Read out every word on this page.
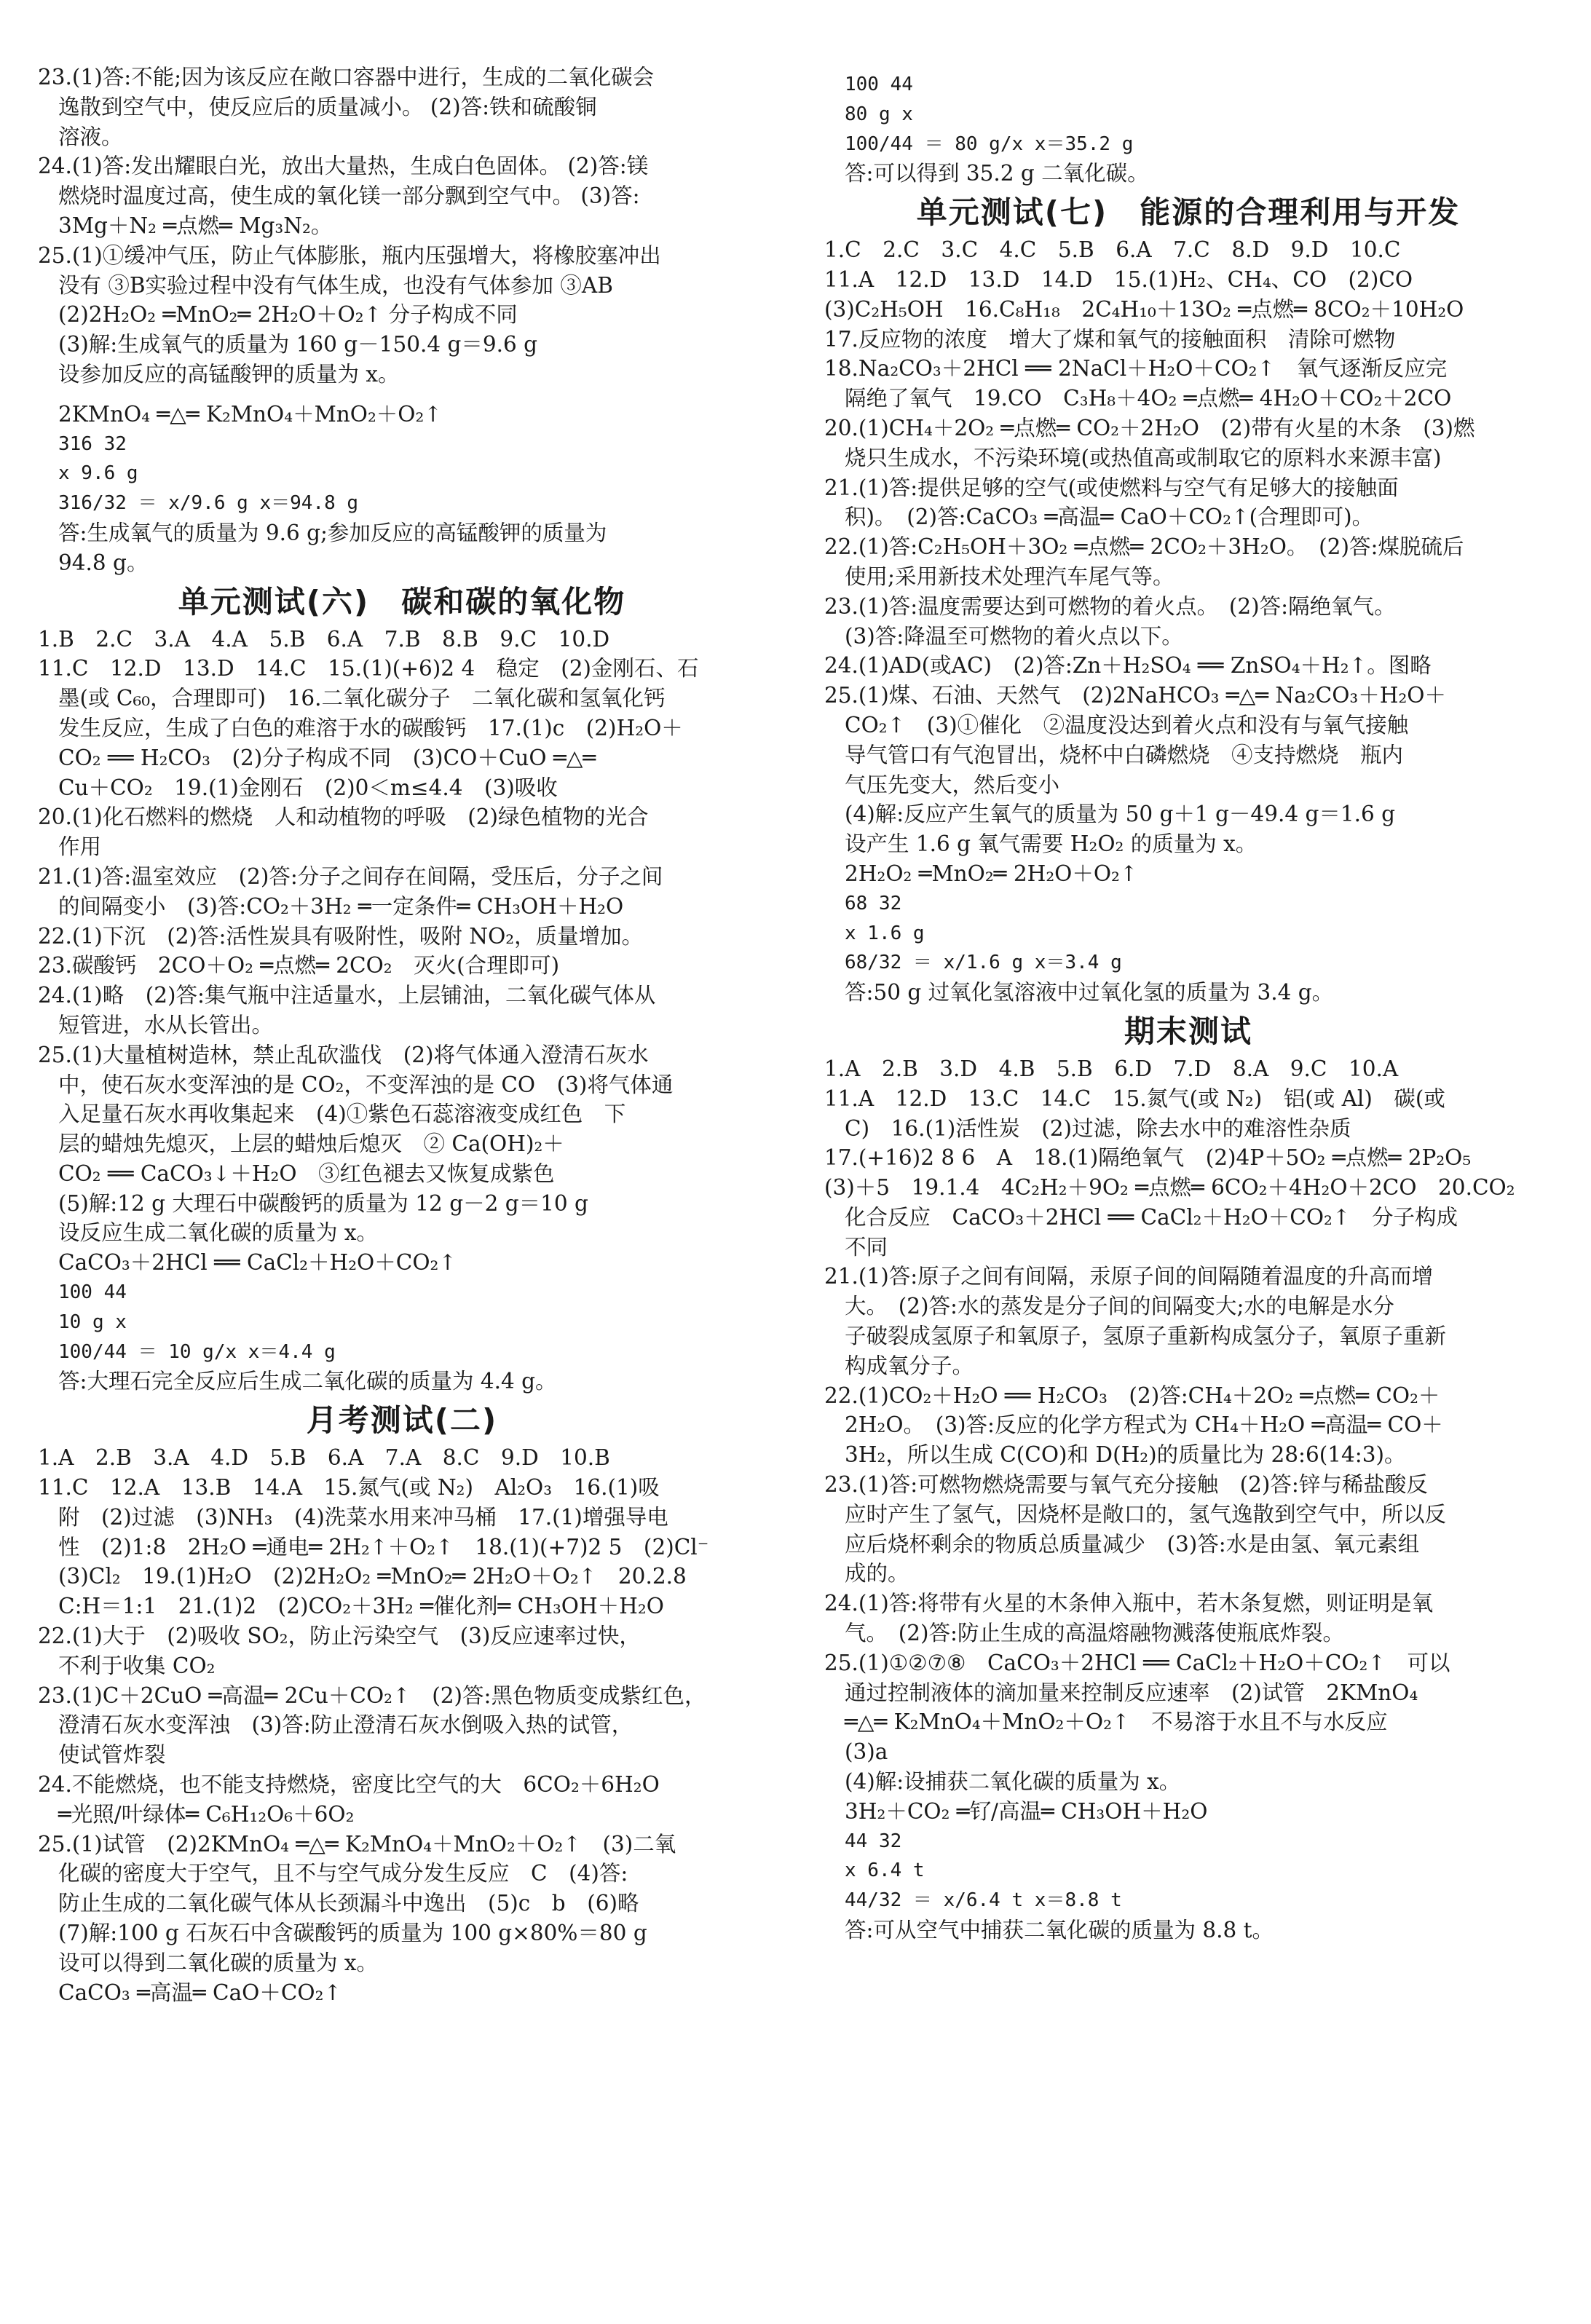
23.(1)答:不能;因为该反应在敞口容器中进行，生成的二氧化碳会
逸散到空气中，使反应后的质量减小。 (2)答:铁和硫酸铜
溶液。
24.(1)答:发出耀眼白光，放出大量热，生成白色固体。 (2)答:镁
燃烧时温度过高，使生成的氧化镁一部分飘到空气中。 (3)答:
3Mg＋N₂ ═点燃═ Mg₃N₂。
25.(1)①缓冲气压，防止气体膨胀，瓶内压强增大，将橡胶塞冲出
没有 ③B实验过程中没有气体生成，也没有气体参加 ③AB
(2)2H₂O₂ ═MnO₂═ 2H₂O＋O₂↑ 分子构成不同
(3)解:生成氧气的质量为 160 g－150.4 g＝9.6 g
设参加反应的高锰酸钾的质量为 x。
2KMnO₄ ═△═ K₂MnO₄＋MnO₂＋O₂↑
316 32
x 9.6 g
316/32 ＝ x/9.6 g x＝94.8 g
答:生成氧气的质量为 9.6 g;参加反应的高锰酸钾的质量为
94.8 g。
单元测试(六)　碳和碳的氧化物
1.B　2.C　3.A　4.A　5.B　6.A　7.B　8.B　9.C　10.D
11.C　12.D　13.D　14.C　15.(1)(+6)2 4　稳定　(2)金刚石、石
墨(或 C₆₀，合理即可)　16.二氧化碳分子　二氧化碳和氢氧化钙
发生反应，生成了白色的难溶于水的碳酸钙　17.(1)c　(2)H₂O＋
CO₂ ══ H₂CO₃　(2)分子构成不同　(3)CO＋CuO ═△═
Cu＋CO₂　19.(1)金刚石　(2)0＜m≤4.4　(3)吸收
20.(1)化石燃料的燃烧　人和动植物的呼吸　(2)绿色植物的光合
作用
21.(1)答:温室效应　(2)答:分子之间存在间隔，受压后，分子之间
的间隔变小　(3)答:CO₂＋3H₂ ═一定条件═ CH₃OH＋H₂O
22.(1)下沉　(2)答:活性炭具有吸附性，吸附 NO₂，质量增加。
23.碳酸钙　2CO＋O₂ ═点燃═ 2CO₂　灭火(合理即可)
24.(1)略　(2)答:集气瓶中注适量水，上层铺油，二氧化碳气体从
短管进，水从长管出。
25.(1)大量植树造林，禁止乱砍滥伐　(2)将气体通入澄清石灰水
中，使石灰水变浑浊的是 CO₂，不变浑浊的是 CO　(3)将气体通
入足量石灰水再收集起来　(4)①紫色石蕊溶液变成红色　下
层的蜡烛先熄灭，上层的蜡烛后熄灭　② Ca(OH)₂＋
CO₂ ══ CaCO₃↓＋H₂O　③红色褪去又恢复成紫色
(5)解:12 g 大理石中碳酸钙的质量为 12 g－2 g＝10 g
设反应生成二氧化碳的质量为 x。
CaCO₃＋2HCl ══ CaCl₂＋H₂O＋CO₂↑
100 44
10 g x
100/44 ＝ 10 g/x x＝4.4 g
答:大理石完全反应后生成二氧化碳的质量为 4.4 g。
月考测试(二)
1.A　2.B　3.A　4.D　5.B　6.A　7.A　8.C　9.D　10.B
11.C　12.A　13.B　14.A　15.氮气(或 N₂)　Al₂O₃　16.(1)吸
附　(2)过滤　(3)NH₃　(4)洗菜水用来冲马桶　17.(1)增强导电
性　(2)1:8　2H₂O ═通电═ 2H₂↑＋O₂↑　18.(1)(+7)2 5　(2)Cl⁻
(3)Cl₂　19.(1)H₂O　(2)2H₂O₂ ═MnO₂═ 2H₂O＋O₂↑　20.2.8
C:H＝1:1　21.(1)2　(2)CO₂＋3H₂ ═催化剂═ CH₃OH＋H₂O
22.(1)大于　(2)吸收 SO₂，防止污染空气　(3)反应速率过快，
不利于收集 CO₂
23.(1)C＋2CuO ═高温═ 2Cu＋CO₂↑　(2)答:黑色物质变成紫红色，
澄清石灰水变浑浊　(3)答:防止澄清石灰水倒吸入热的试管，
使试管炸裂
24.不能燃烧，也不能支持燃烧，密度比空气的大　6CO₂＋6H₂O
═光照/叶绿体═ C₆H₁₂O₆＋6O₂
25.(1)试管　(2)2KMnO₄ ═△═ K₂MnO₄＋MnO₂＋O₂↑　(3)二氧
化碳的密度大于空气，且不与空气成分发生反应　C　(4)答:
防止生成的二氧化碳气体从长颈漏斗中逸出　(5)c　b　(6)略
(7)解:100 g 石灰石中含碳酸钙的质量为 100 g×80%＝80 g
设可以得到二氧化碳的质量为 x。
CaCO₃ ═高温═ CaO＋CO₂↑
100 44
80 g x
100/44 ＝ 80 g/x x＝35.2 g
答:可以得到 35.2 g 二氧化碳。
单元测试(七)　能源的合理利用与开发
1.C　2.C　3.C　4.C　5.B　6.A　7.C　8.D　9.D　10.C
11.A　12.D　13.D　14.D　15.(1)H₂、CH₄、CO　(2)CO
(3)C₂H₅OH　16.C₈H₁₈　2C₄H₁₀＋13O₂ ═点燃═ 8CO₂＋10H₂O
17.反应物的浓度　增大了煤和氧气的接触面积　清除可燃物
18.Na₂CO₃＋2HCl ══ 2NaCl＋H₂O＋CO₂↑　氧气逐渐反应完
隔绝了氧气　19.CO　C₃H₈＋4O₂ ═点燃═ 4H₂O＋CO₂＋2CO
20.(1)CH₄＋2O₂ ═点燃═ CO₂＋2H₂O　(2)带有火星的木条　(3)燃
烧只生成水，不污染环境(或热值高或制取它的原料水来源丰富)
21.(1)答:提供足够的空气(或使燃料与空气有足够大的接触面
积)。　(2)答:CaCO₃ ═高温═ CaO＋CO₂↑(合理即可)。
22.(1)答:C₂H₅OH＋3O₂ ═点燃═ 2CO₂＋3H₂O。　(2)答:煤脱硫后
使用;采用新技术处理汽车尾气等。
23.(1)答:温度需要达到可燃物的着火点。　(2)答:隔绝氧气。
(3)答:降温至可燃物的着火点以下。
24.(1)AD(或AC)　(2)答:Zn＋H₂SO₄ ══ ZnSO₄＋H₂↑。图略
25.(1)煤、石油、天然气　(2)2NaHCO₃ ═△═ Na₂CO₃＋H₂O＋
CO₂↑　(3)①催化　②温度没达到着火点和没有与氧气接触
导气管口有气泡冒出，烧杯中白磷燃烧　④支持燃烧　瓶内
气压先变大，然后变小
(4)解:反应产生氧气的质量为 50 g＋1 g－49.4 g＝1.6 g
设产生 1.6 g 氧气需要 H₂O₂ 的质量为 x。
2H₂O₂ ═MnO₂═ 2H₂O＋O₂↑
68 32
x 1.6 g
68/32 ＝ x/1.6 g x＝3.4 g
答:50 g 过氧化氢溶液中过氧化氢的质量为 3.4 g。
期末测试
1.A　2.B　3.D　4.B　5.B　6.D　7.D　8.A　9.C　10.A
11.A　12.D　13.C　14.C　15.氮气(或 N₂)　铝(或 Al)　碳(或
C)　16.(1)活性炭　(2)过滤，除去水中的难溶性杂质
17.(+16)2 8 6　A　18.(1)隔绝氧气　(2)4P＋5O₂ ═点燃═ 2P₂O₅
(3)＋5　19.1.4　4C₂H₂＋9O₂ ═点燃═ 6CO₂＋4H₂O＋2CO　20.CO₂
化合反应　CaCO₃＋2HCl ══ CaCl₂＋H₂O＋CO₂↑　分子构成
不同
21.(1)答:原子之间有间隔，汞原子间的间隔随着温度的升高而增
大。　(2)答:水的蒸发是分子间的间隔变大;水的电解是水分
子破裂成氢原子和氧原子，氢原子重新构成氢分子，氧原子重新
构成氧分子。
22.(1)CO₂＋H₂O ══ H₂CO₃　(2)答:CH₄＋2O₂ ═点燃═ CO₂＋
2H₂O。　(3)答:反应的化学方程式为 CH₄＋H₂O ═高温═ CO＋
3H₂，所以生成 C(CO)和 D(H₂)的质量比为 28:6(14:3)。
23.(1)答:可燃物燃烧需要与氧气充分接触　(2)答:锌与稀盐酸反
应时产生了氢气，因烧杯是敞口的，氢气逸散到空气中，所以反
应后烧杯剩余的物质总质量减少　(3)答:水是由氢、氧元素组
成的。
24.(1)答:将带有火星的木条伸入瓶中，若木条复燃，则证明是氧
气。　(2)答:防止生成的高温熔融物溅落使瓶底炸裂。
25.(1)①②⑦⑧　CaCO₃＋2HCl ══ CaCl₂＋H₂O＋CO₂↑　可以
通过控制液体的滴加量来控制反应速率　(2)试管　2KMnO₄
═△═ K₂MnO₄＋MnO₂＋O₂↑　不易溶于水且不与水反应
(3)a
(4)解:设捕获二氧化碳的质量为 x。
3H₂＋CO₂ ═钌/高温═ CH₃OH＋H₂O
44 32
x 6.4 t
44/32 ＝ x/6.4 t x＝8.8 t
答:可从空气中捕获二氧化碳的质量为 8.8 t。
